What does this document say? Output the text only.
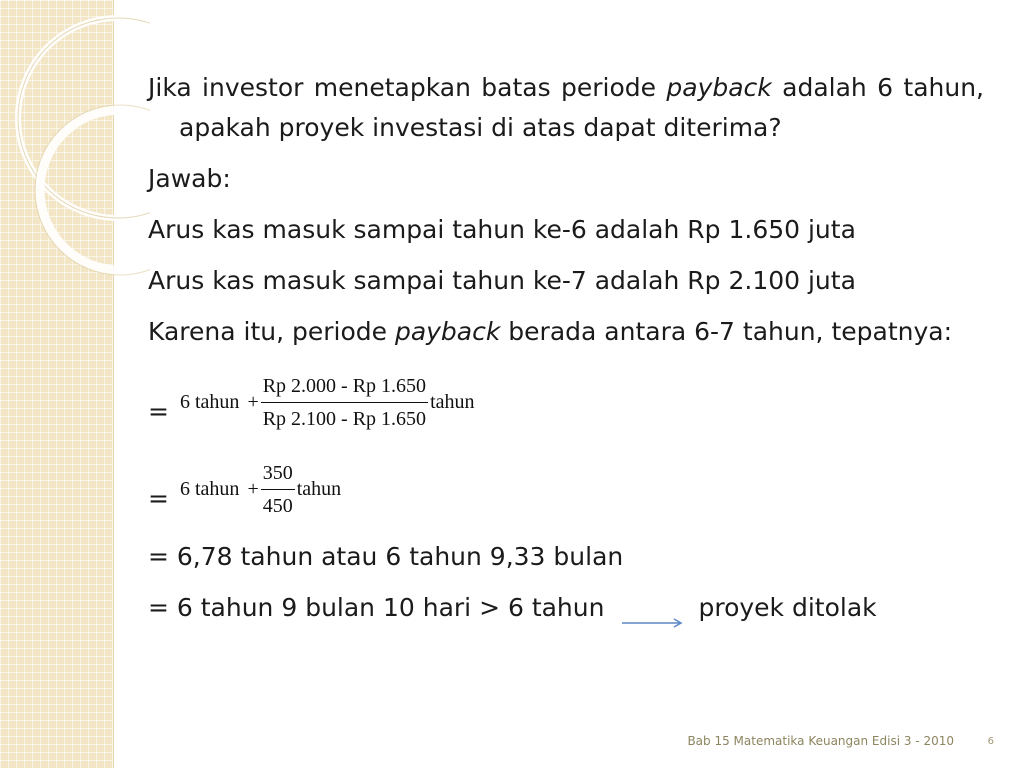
Jika investor menetapkan batas periode payback adalah 6 tahun, apakah proyek investasi di atas dapat diterima?

Jawab:

Arus kas masuk sampai tahun ke-6 adalah Rp 1.650 juta

Arus kas masuk sampai tahun ke-7 adalah Rp 2.100 juta

Karena itu, periode payback berada antara 6-7 tahun, tepatnya:

= 6 tahun + $\frac{Rp 2.000 - Rp 1.650}{Rp 2.100 - Rp 1.650}$ tahun
= 6 tahun + $\frac{350}{450}$ tahun

= 6,78 tahun atau 6 tahun 9,33 bulan

= 6 tahun 9 bulan 10 hari > 6 tahun	proyek ditolak

Bab 15 Matematika Keuangan Edisi 3 - 2010	6
